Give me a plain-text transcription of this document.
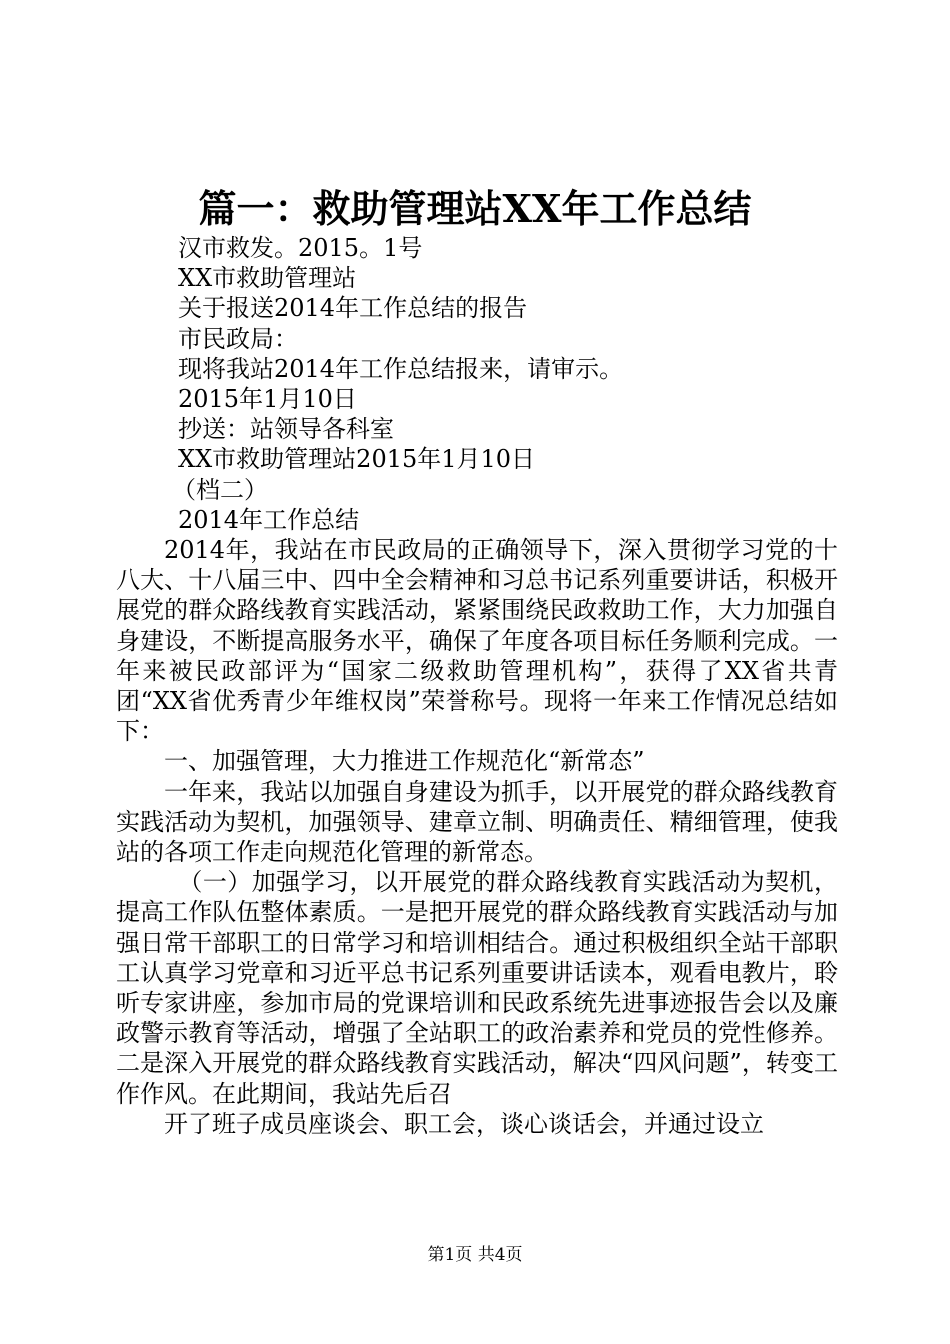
篇一：救助管理站XX年工作总结

汉市救发。2015。1号

XX市救助管理站

关于报送2014年工作总结的报告

市民政局：

现将我站2014年工作总结报来，请审示。

2015年1月10日

抄送：站领导各科室

XX市救助管理站2015年1月10日

（档二）

2014年工作总结

2014年，我站在市民政局的正确领导下，深入贯彻学习党的十八大、十八届三中、四中全会精神和习总书记系列重要讲话，积极开展党的群众路线教育实践活动，紧紧围绕民政救助工作，大力加强自身建设，不断提高服务水平，确保了年度各项目标任务顺利完成。一年来被民政部评为“国家二级救助管理机构”，获得了XX省共青团“XX省优秀青少年维权岗”荣誉称号。现将一年来工作情况总结如下：

一、加强管理，大力推进工作规范化“新常态”

一年来，我站以加强自身建设为抓手，以开展党的群众路线教育实践活动为契机，加强领导、建章立制、明确责任、精细管理，使我站的各项工作走向规范化管理的新常态。

（一）加强学习，以开展党的群众路线教育实践活动为契机，提高工作队伍整体素质。一是把开展党的群众路线教育实践活动与加强日常干部职工的日常学习和培训相结合。通过积极组织全站干部职工认真学习党章和习近平总书记系列重要讲话读本，观看电教片，聆听专家讲座，参加市局的党课培训和民政系统先进事迹报告会以及廉政警示教育等活动，增强了全站职工的政治素养和党员的党性修养。二是深入开展党的群众路线教育实践活动，解决“四风问题”，转变工作作风。在此期间，我站先后召

开了班子成员座谈会、职工会，谈心谈话会，并通过设立

第1页 共4页
